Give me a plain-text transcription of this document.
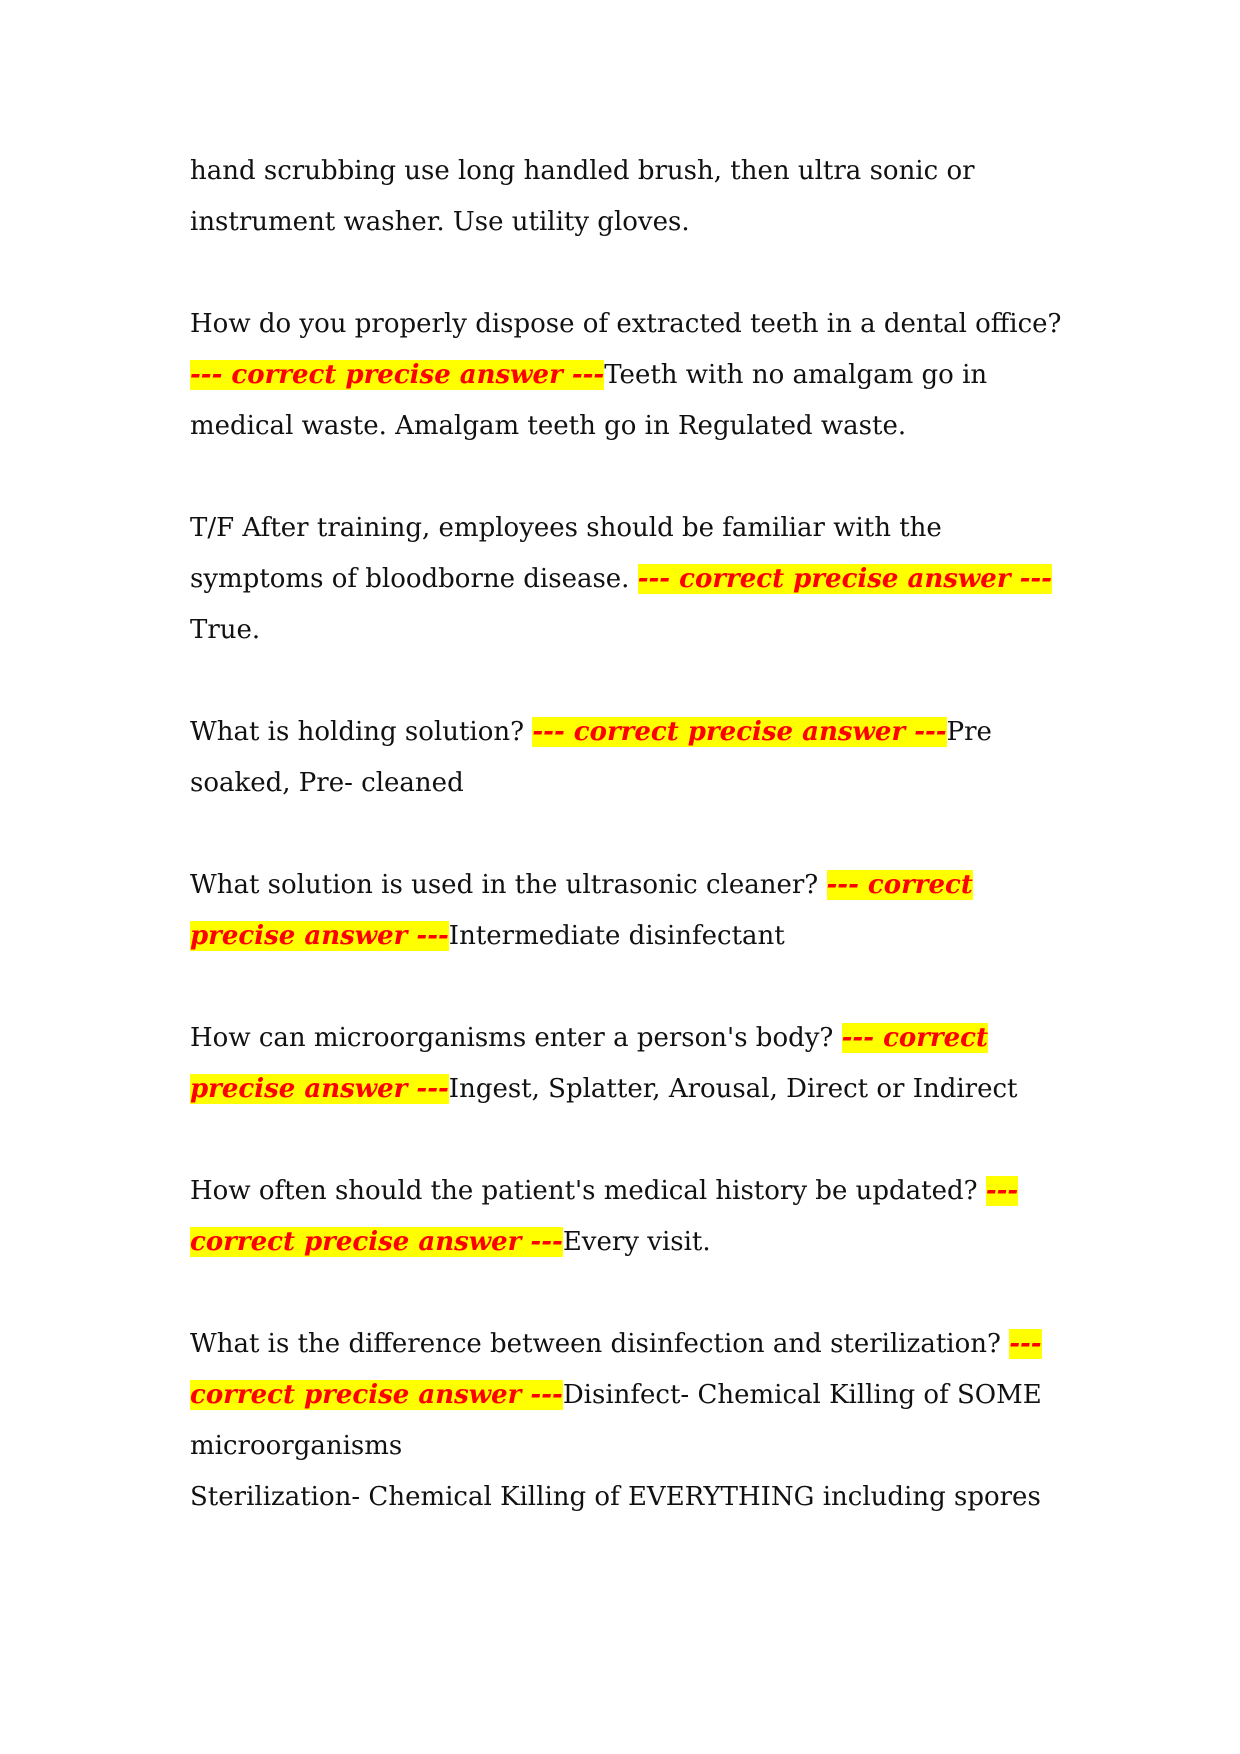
hand scrubbing use long handled brush, then ultra sonic or instrument washer. Use utility gloves.

How do you properly dispose of extracted teeth in a dental office? --- correct precise answer ---Teeth with no amalgam go in medical waste. Amalgam teeth go in Regulated waste.

T/F After training, employees should be familiar with the symptoms of bloodborne disease. --- correct precise answer ---True.

What is holding solution? --- correct precise answer ---Pre soaked, Pre- cleaned

What solution is used in the ultrasonic cleaner? --- correct precise answer ---Intermediate disinfectant

How can microorganisms enter a person's body? --- correct precise answer ---Ingest, Splatter, Arousal, Direct or Indirect

How often should the patient's medical history be updated? --- correct precise answer ---Every visit.

What is the difference between disinfection and sterilization? --- correct precise answer ---Disinfect- Chemical Killing of SOME microorganisms

Sterilization- Chemical Killing of EVERYTHING including spores
